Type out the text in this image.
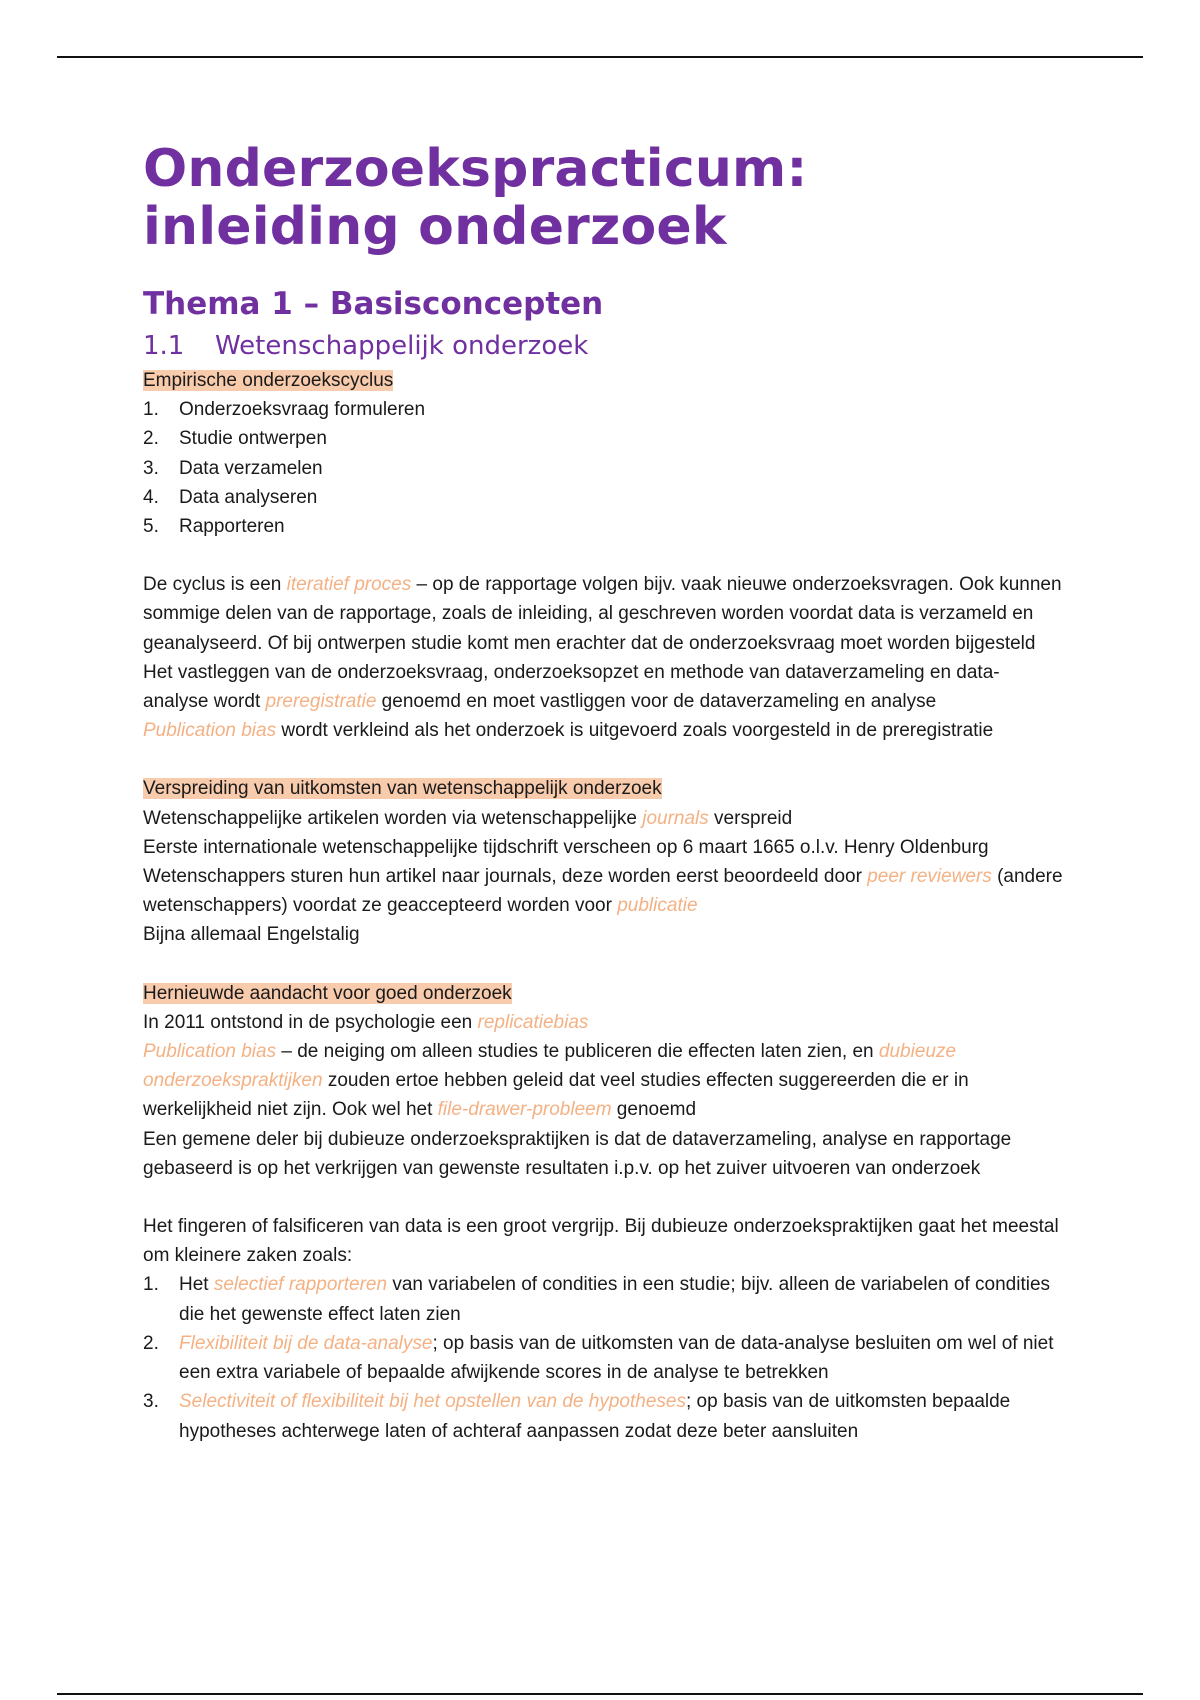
Onderzoekspracticum: inleiding onderzoek
Thema 1 – Basisconcepten
1.1 Wetenschappelijk onderzoek

Empirische onderzoekscyclus

1. Onderzoeksvraag formuleren
2. Studie ontwerpen
3. Data verzamelen
4. Data analyseren
5. Rapporteren

De cyclus is een iteratief proces – op de rapportage volgen bijv. vaak nieuwe onderzoeksvragen. Ook kunnen sommige delen van de rapportage, zoals de inleiding, al geschreven worden voordat data is verzameld en geanalyseerd. Of bij ontwerpen studie komt men erachter dat de onderzoeksvraag moet worden bijgesteld

Het vastleggen van de onderzoeksvraag, onderzoeksopzet en methode van dataverzameling en data-analyse wordt preregistratie genoemd en moet vastliggen voor de dataverzameling en analyse

Publication bias wordt verkleind als het onderzoek is uitgevoerd zoals voorgesteld in de preregistratie

Verspreiding van uitkomsten van wetenschappelijk onderzoek

Wetenschappelijke artikelen worden via wetenschappelijke journals verspreid

Eerste internationale wetenschappelijke tijdschrift verscheen op 6 maart 1665 o.l.v. Henry Oldenburg

Wetenschappers sturen hun artikel naar journals, deze worden eerst beoordeeld door peer reviewers (andere wetenschappers) voordat ze geaccepteerd worden voor publicatie

Bijna allemaal Engelstalig

Hernieuwde aandacht voor goed onderzoek

In 2011 ontstond in de psychologie een replicatiebias

Publication bias – de neiging om alleen studies te publiceren die effecten laten zien, en dubieuze onderzoekspraktijken zouden ertoe hebben geleid dat veel studies effecten suggereerden die er in werkelijkheid niet zijn. Ook wel het file-drawer-probleem genoemd

Een gemene deler bij dubieuze onderzoekspraktijken is dat de dataverzameling, analyse en rapportage gebaseerd is op het verkrijgen van gewenste resultaten i.p.v. op het zuiver uitvoeren van onderzoek

Het fingeren of falsificeren van data is een groot vergrijp. Bij dubieuze onderzoekspraktijken gaat het meestal om kleinere zaken zoals:

1. Het selectief rapporteren van variabelen of condities in een studie; bijv. alleen de variabelen of condities die het gewenste effect laten zien
2. Flexibiliteit bij de data-analyse; op basis van de uitkomsten van de data-analyse besluiten om wel of niet een extra variabele of bepaalde afwijkende scores in de analyse te betrekken
3. Selectiviteit of flexibiliteit bij het opstellen van de hypotheses; op basis van de uitkomsten bepaalde hypotheses achterwege laten of achteraf aanpassen zodat deze beter aansluiten
